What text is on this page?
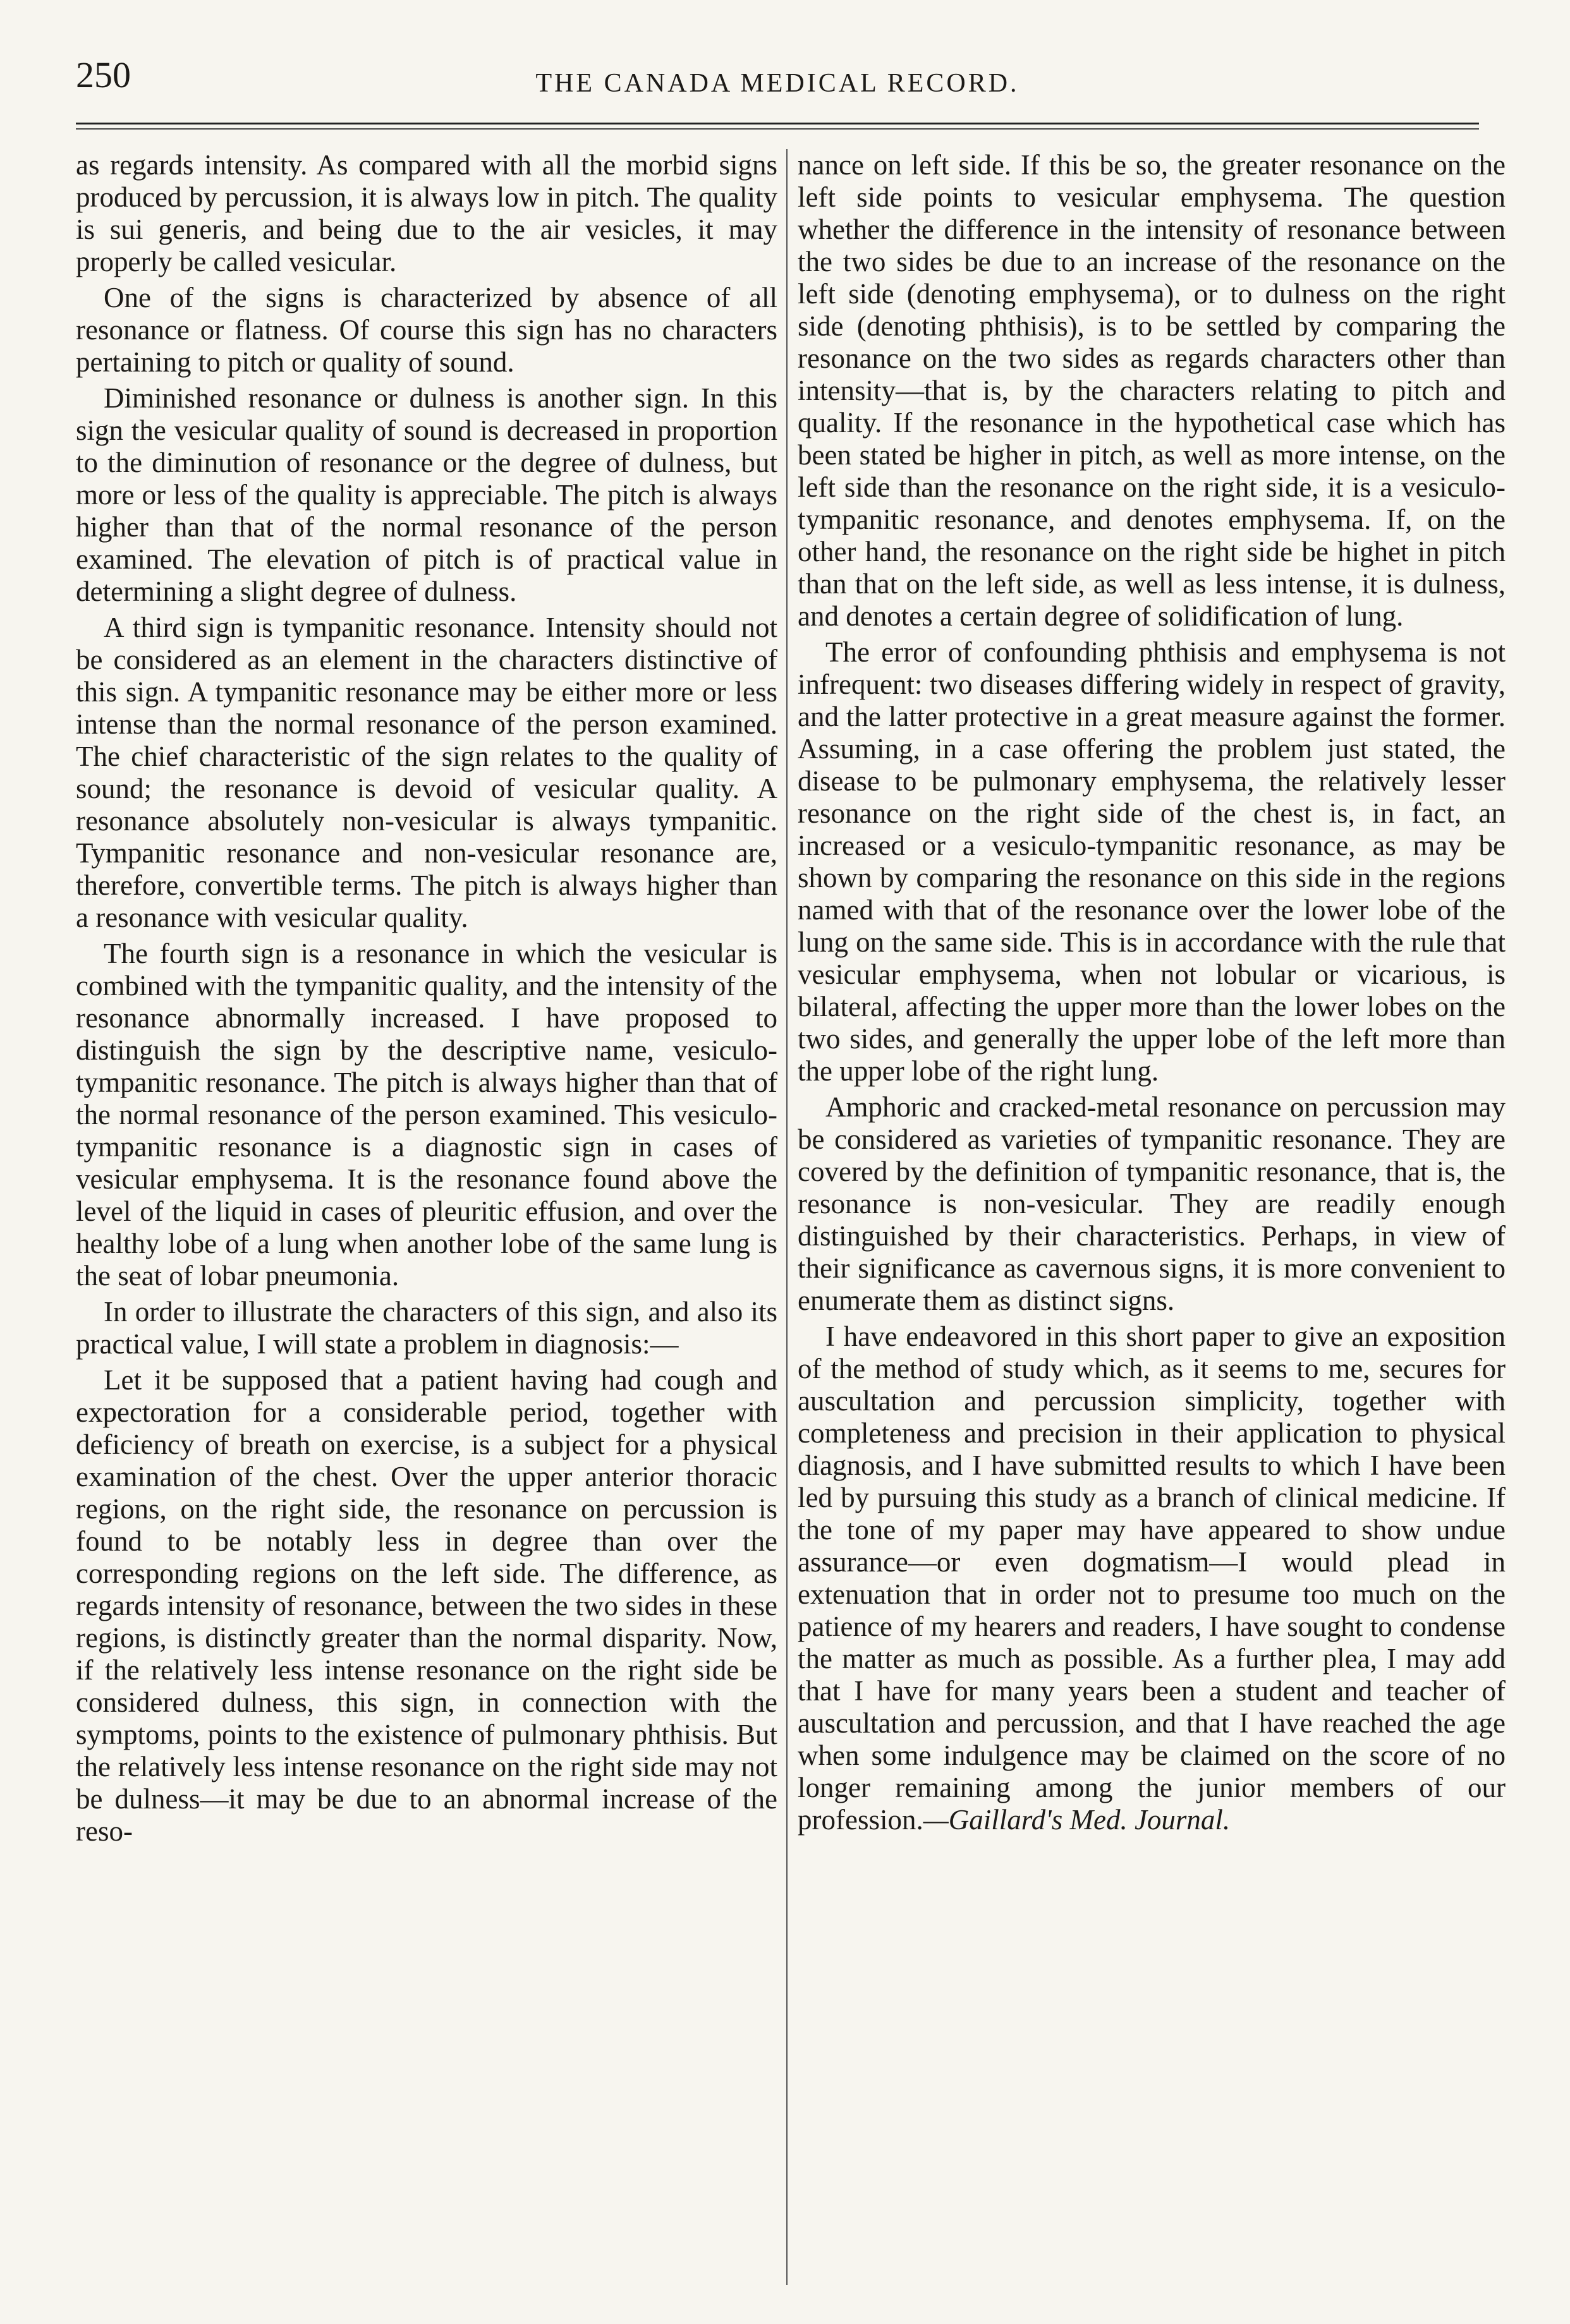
250	THE CANADA MEDICAL RECORD.

as regards intensity. As compared with all the morbid signs produced by percussion, it is always low in pitch. The quality is sui generis, and being due to the air vesicles, it may properly be called vesicular.

One of the signs is characterized by absence of all resonance or flatness. Of course this sign has no characters pertaining to pitch or quality of sound.

Diminished resonance or dulness is another sign. In this sign the vesicular quality of sound is decreased in proportion to the diminution of resonance or the degree of dulness, but more or less of the quality is appreciable. The pitch is always higher than that of the normal resonance of the person examined. The elevation of pitch is of practical value in determining a slight degree of dulness.

A third sign is tympanitic resonance. Intensity should not be considered as an element in the characters distinctive of this sign. A tympanitic resonance may be either more or less intense than the normal resonance of the person examined. The chief characteristic of the sign relates to the quality of sound; the resonance is devoid of vesicular quality. A resonance absolutely non-vesicular is always tympanitic. Tympanitic resonance and non-vesicular resonance are, therefore, convertible terms. The pitch is always higher than a resonance with vesicular quality.

The fourth sign is a resonance in which the vesicular is combined with the tympanitic quality, and the intensity of the resonance abnormally increased. I have proposed to distinguish the sign by the descriptive name, vesiculo-tympanitic resonance. The pitch is always higher than that of the normal resonance of the person examined. This vesiculo-tympanitic resonance is a diagnostic sign in cases of vesicular emphysema. It is the resonance found above the level of the liquid in cases of pleuritic effusion, and over the healthy lobe of a lung when another lobe of the same lung is the seat of lobar pneumonia.

In order to illustrate the characters of this sign, and also its practical value, I will state a problem in diagnosis:—

Let it be supposed that a patient having had cough and expectoration for a considerable period, together with deficiency of breath on exercise, is a subject for a physical examination of the chest. Over the upper anterior thoracic regions, on the right side, the resonance on percussion is found to be notably less in degree than over the corresponding regions on the left side. The difference, as regards intensity of resonance, between the two sides in these regions, is distinctly greater than the normal disparity. Now, if the relatively less intense resonance on the right side be considered dulness, this sign, in connection with the symptoms, points to the existence of pulmonary phthisis. But the relatively less intense resonance on the right side may not be dulness—it may be due to an abnormal increase of the reso-

nance on left side. If this be so, the greater resonance on the left side points to vesicular emphysema. The question whether the difference in the intensity of resonance between the two sides be due to an increase of the resonance on the left side (denoting emphysema), or to dulness on the right side (denoting phthisis), is to be settled by comparing the resonance on the two sides as regards characters other than intensity—that is, by the characters relating to pitch and quality. If the resonance in the hypothetical case which has been stated be higher in pitch, as well as more intense, on the left side than the resonance on the right side, it is a vesiculo-tympanitic resonance, and denotes emphysema. If, on the other hand, the resonance on the right side be highet in pitch than that on the left side, as well as less intense, it is dulness, and denotes a certain degree of solidification of lung.

The error of confounding phthisis and emphysema is not infrequent: two diseases differing widely in respect of gravity, and the latter protective in a great measure against the former. Assuming, in a case offering the problem just stated, the disease to be pulmonary emphysema, the relatively lesser resonance on the right side of the chest is, in fact, an increased or a vesiculo-tympanitic resonance, as may be shown by comparing the resonance on this side in the regions named with that of the resonance over the lower lobe of the lung on the same side. This is in accordance with the rule that vesicular emphysema, when not lobular or vicarious, is bilateral, affecting the upper more than the lower lobes on the two sides, and generally the upper lobe of the left more than the upper lobe of the right lung.

Amphoric and cracked-metal resonance on percussion may be considered as varieties of tympanitic resonance. They are covered by the definition of tympanitic resonance, that is, the resonance is non-vesicular. They are readily enough distinguished by their characteristics. Perhaps, in view of their significance as cavernous signs, it is more convenient to enumerate them as distinct signs.

I have endeavored in this short paper to give an exposition of the method of study which, as it seems to me, secures for auscultation and percussion simplicity, together with completeness and precision in their application to physical diagnosis, and I have submitted results to which I have been led by pursuing this study as a branch of clinical medicine. If the tone of my paper may have appeared to show undue assurance—or even dogmatism—I would plead in extenuation that in order not to presume too much on the patience of my hearers and readers, I have sought to condense the matter as much as possible. As a further plea, I may add that I have for many years been a student and teacher of auscultation and percussion, and that I have reached the age when some indulgence may be claimed on the score of no longer remaining among the junior members of our profession.—Gaillard's Med. Journal.
